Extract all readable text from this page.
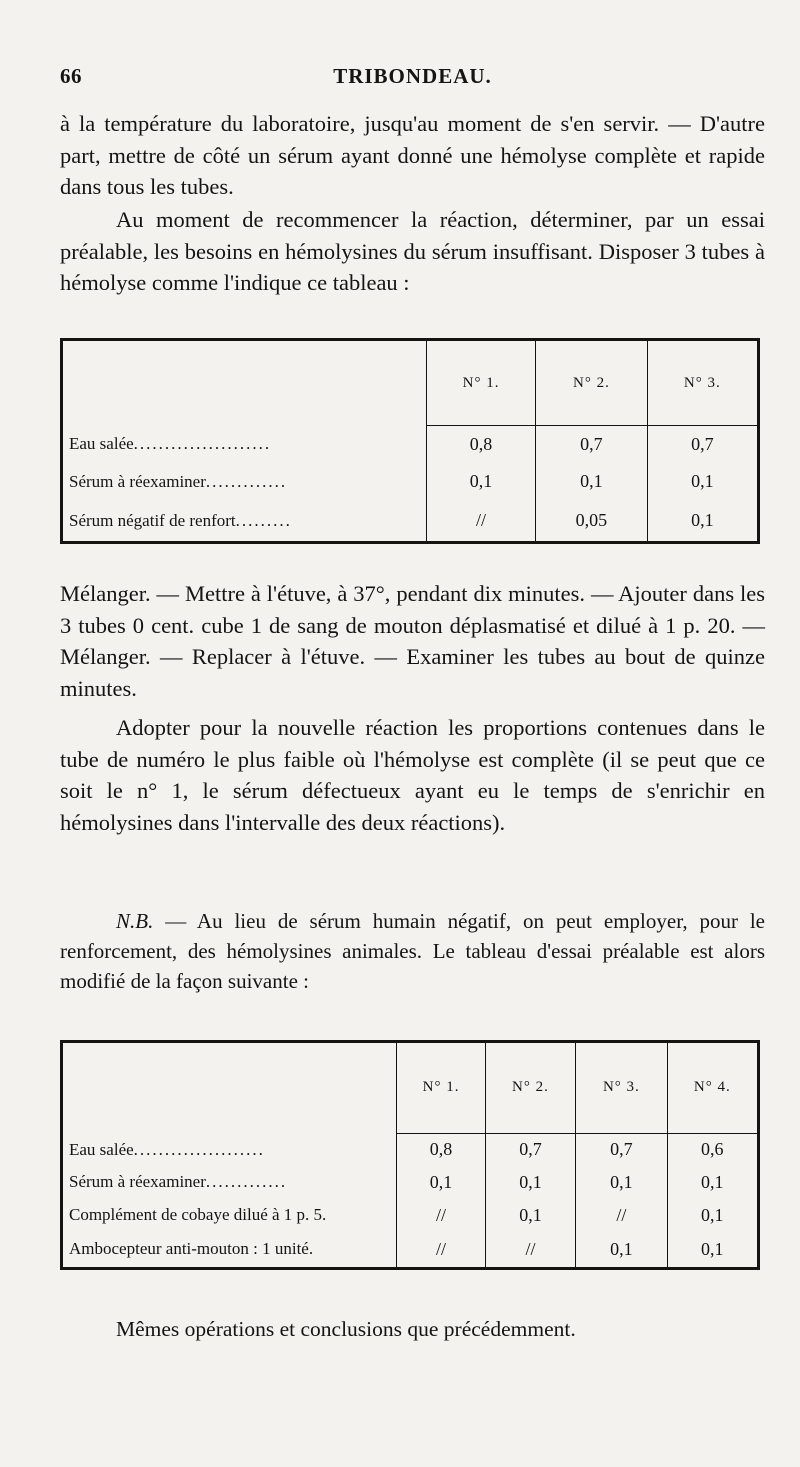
66	TRIBONDEAU.

à la température du laboratoire, jusqu'au moment de s'en servir. — D'autre part, mettre de côté un sérum ayant donné une hémolyse complète et rapide dans tous les tubes.

Au moment de recommencer la réaction, déterminer, par un essai préalable, les besoins en hémolysines du sérum insuffisant. Disposer 3 tubes à hémolyse comme l'indique ce tableau :

	N° 1.	N° 2.	N° 3.
Eau salée......................	0,8	0,7	0,7
Sérum à réexaminer.............	0,1	0,1	0,1
Sérum négatif de renfort.........	//	0,05	0,1

Mélanger. — Mettre à l'étuve, à 37°, pendant dix minutes. — Ajouter dans les 3 tubes 0 cent. cube 1 de sang de mouton déplasmatisé et dilué à 1 p. 20. — Mélanger. — Replacer à l'étuve. — Examiner les tubes au bout de quinze minutes.

Adopter pour la nouvelle réaction les proportions contenues dans le tube de numéro le plus faible où l'hémolyse est complète (il se peut que ce soit le n° 1, le sérum défectueux ayant eu le temps de s'enrichir en hémolysines dans l'intervalle des deux réactions).

N.B. — Au lieu de sérum humain négatif, on peut employer, pour le renforcement, des hémolysines animales. Le tableau d'essai préalable est alors modifié de la façon suivante :

	N° 1.	N° 2.	N° 3.	N° 4.
Eau salée.....................	0,8	0,7	0,7	0,6
Sérum à réexaminer.............	0,1	0,1	0,1	0,1
Complément de cobaye dilué à 1 p. 5.	//	0,1	//	0,1
Ambocepteur anti-mouton : 1 unité.	//	//	0,1	0,1

Mêmes opérations et conclusions que précédemment.
